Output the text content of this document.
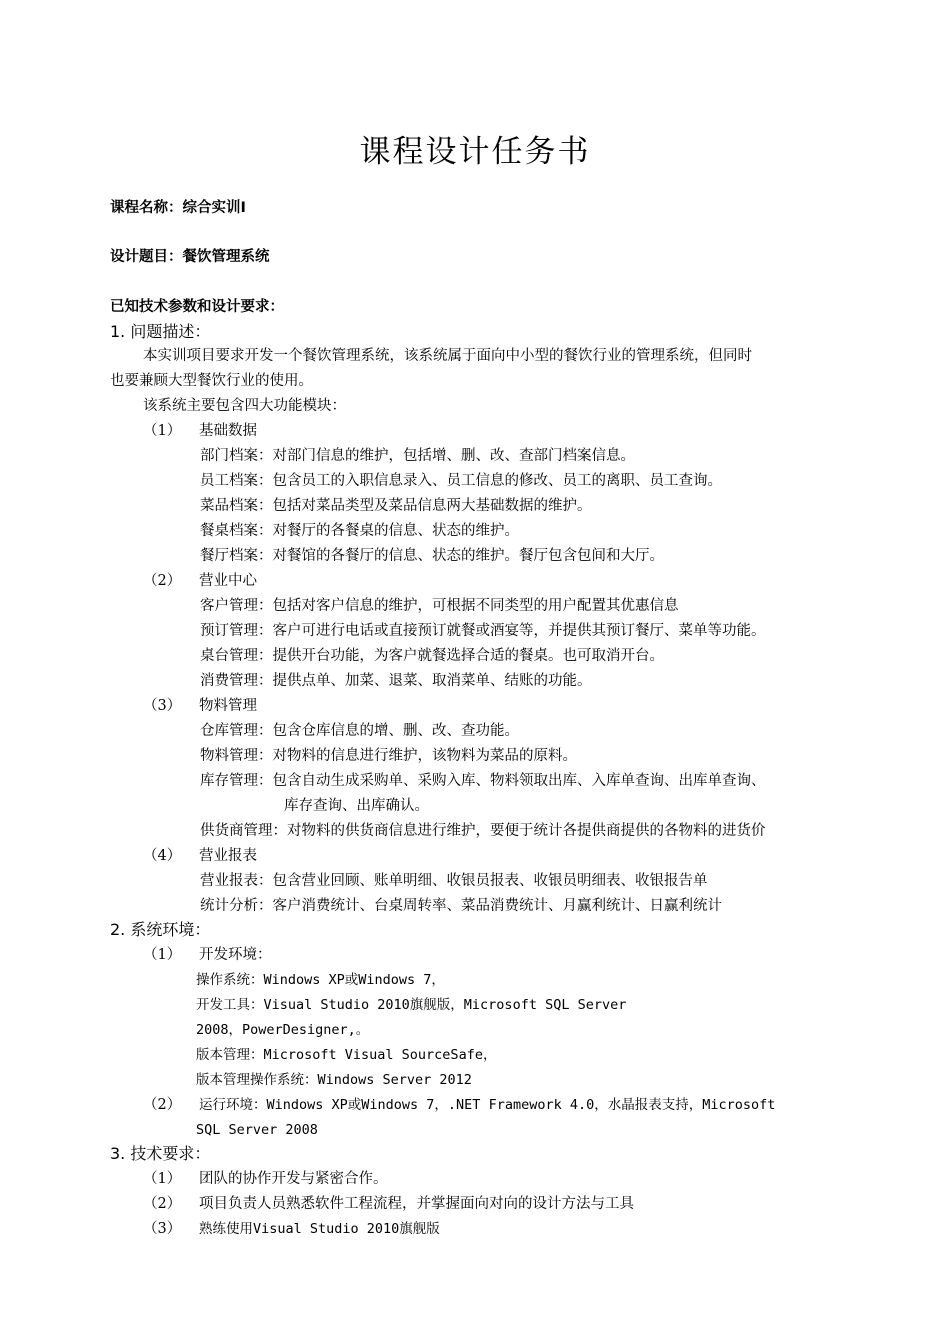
课程设计任务书
课程名称：综合实训Ⅰ
设计题目：餐饮管理系统
已知技术参数和设计要求：
1. 问题描述：
本实训项目要求开发一个餐饮管理系统，该系统属于面向中小型的餐饮行业的管理系统，但同时
也要兼顾大型餐饮行业的使用。
该系统主要包含四大功能模块：
（1） 基础数据
部门档案：对部门信息的维护，包括增、删、改、查部门档案信息。
员工档案：包含员工的入职信息录入、员工信息的修改、员工的离职、员工查询。
菜品档案：包括对菜品类型及菜品信息两大基础数据的维护。
餐桌档案：对餐厅的各餐桌的信息、状态的维护。
餐厅档案：对餐馆的各餐厅的信息、状态的维护。餐厅包含包间和大厅。
（2） 营业中心
客户管理：包括对客户信息的维护，可根据不同类型的用户配置其优惠信息
预订管理：客户可进行电话或直接预订就餐或酒宴等，并提供其预订餐厅、菜单等功能。
桌台管理：提供开台功能，为客户就餐选择合适的餐桌。也可取消开台。
消费管理：提供点单、加菜、退菜、取消菜单、结账的功能。
（3） 物料管理
仓库管理：包含仓库信息的增、删、改、查功能。
物料管理：对物料的信息进行维护，该物料为菜品的原料。
库存管理：包含自动生成采购单、采购入库、物料领取出库、入库单查询、出库单查询、
库存查询、出库确认。
供货商管理：对物料的供货商信息进行维护，要便于统计各提供商提供的各物料的进货价
（4） 营业报表
营业报表：包含营业回顾、账单明细、收银员报表、收银员明细表、收银报告单
统计分析：客户消费统计、台桌周转率、菜品消费统计、月赢利统计、日赢利统计
2. 系统环境：
（1） 开发环境：
操作系统：Windows XP或Windows 7，
开发工具：Visual Studio 2010旗舰版，Microsoft SQL Server
2008，PowerDesigner,。
版本管理：Microsoft Visual SourceSafe，
版本管理操作系统：Windows Server 2012
（2） 运行环境：Windows XP或Windows 7，.NET Framework 4.0，水晶报表支持，Microsoft
SQL Server 2008
3. 技术要求：
（1） 团队的协作开发与紧密合作。
（2） 项目负责人员熟悉软件工程流程，并掌握面向对向的设计方法与工具
（3） 熟练使用Visual Studio 2010旗舰版
